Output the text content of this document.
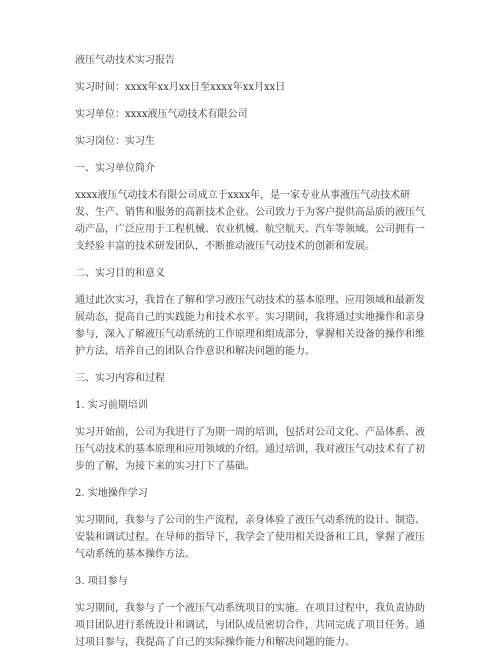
液压气动技术实习报告

实习时间：xxxx年xx月xx日至xxxx年xx月xx日

实习单位：xxxx液压气动技术有限公司

实习岗位：实习生

一、实习单位简介

xxxx液压气动技术有限公司成立于xxxx年，是一家专业从事液压气动技术研发、生产、销售和服务的高新技术企业。公司致力于为客户提供高品质的液压气动产品，广泛应用于工程机械、农业机械、航空航天、汽车等领域。公司拥有一支经验丰富的技术研发团队，不断推动液压气动技术的创新和发展。

二、实习目的和意义

通过此次实习，我旨在了解和学习液压气动技术的基本原理、应用领域和最新发展动态，提高自己的实践能力和技术水平。实习期间，我将通过实地操作和亲身参与，深入了解液压气动系统的工作原理和组成部分，掌握相关设备的操作和维护方法，培养自己的团队合作意识和解决问题的能力。

三、实习内容和过程

1. 实习前期培训

实习开始前，公司为我进行了为期一周的培训，包括对公司文化、产品体系、液压气动技术的基本原理和应用领域的介绍。通过培训，我对液压气动技术有了初步的了解，为接下来的实习打下了基础。

2. 实地操作学习

实习期间，我参与了公司的生产流程，亲身体验了液压气动系统的设计、制造、安装和调试过程。在导师的指导下，我学会了使用相关设备和工具，掌握了液压气动系统的基本操作方法。

3. 项目参与

实习期间，我参与了一个液压气动系统项目的实施。在项目过程中，我负责协助项目团队进行系统设计和调试，与团队成员密切合作，共同完成了项目任务。通过项目参与，我提高了自己的实际操作能力和解决问题的能力。
